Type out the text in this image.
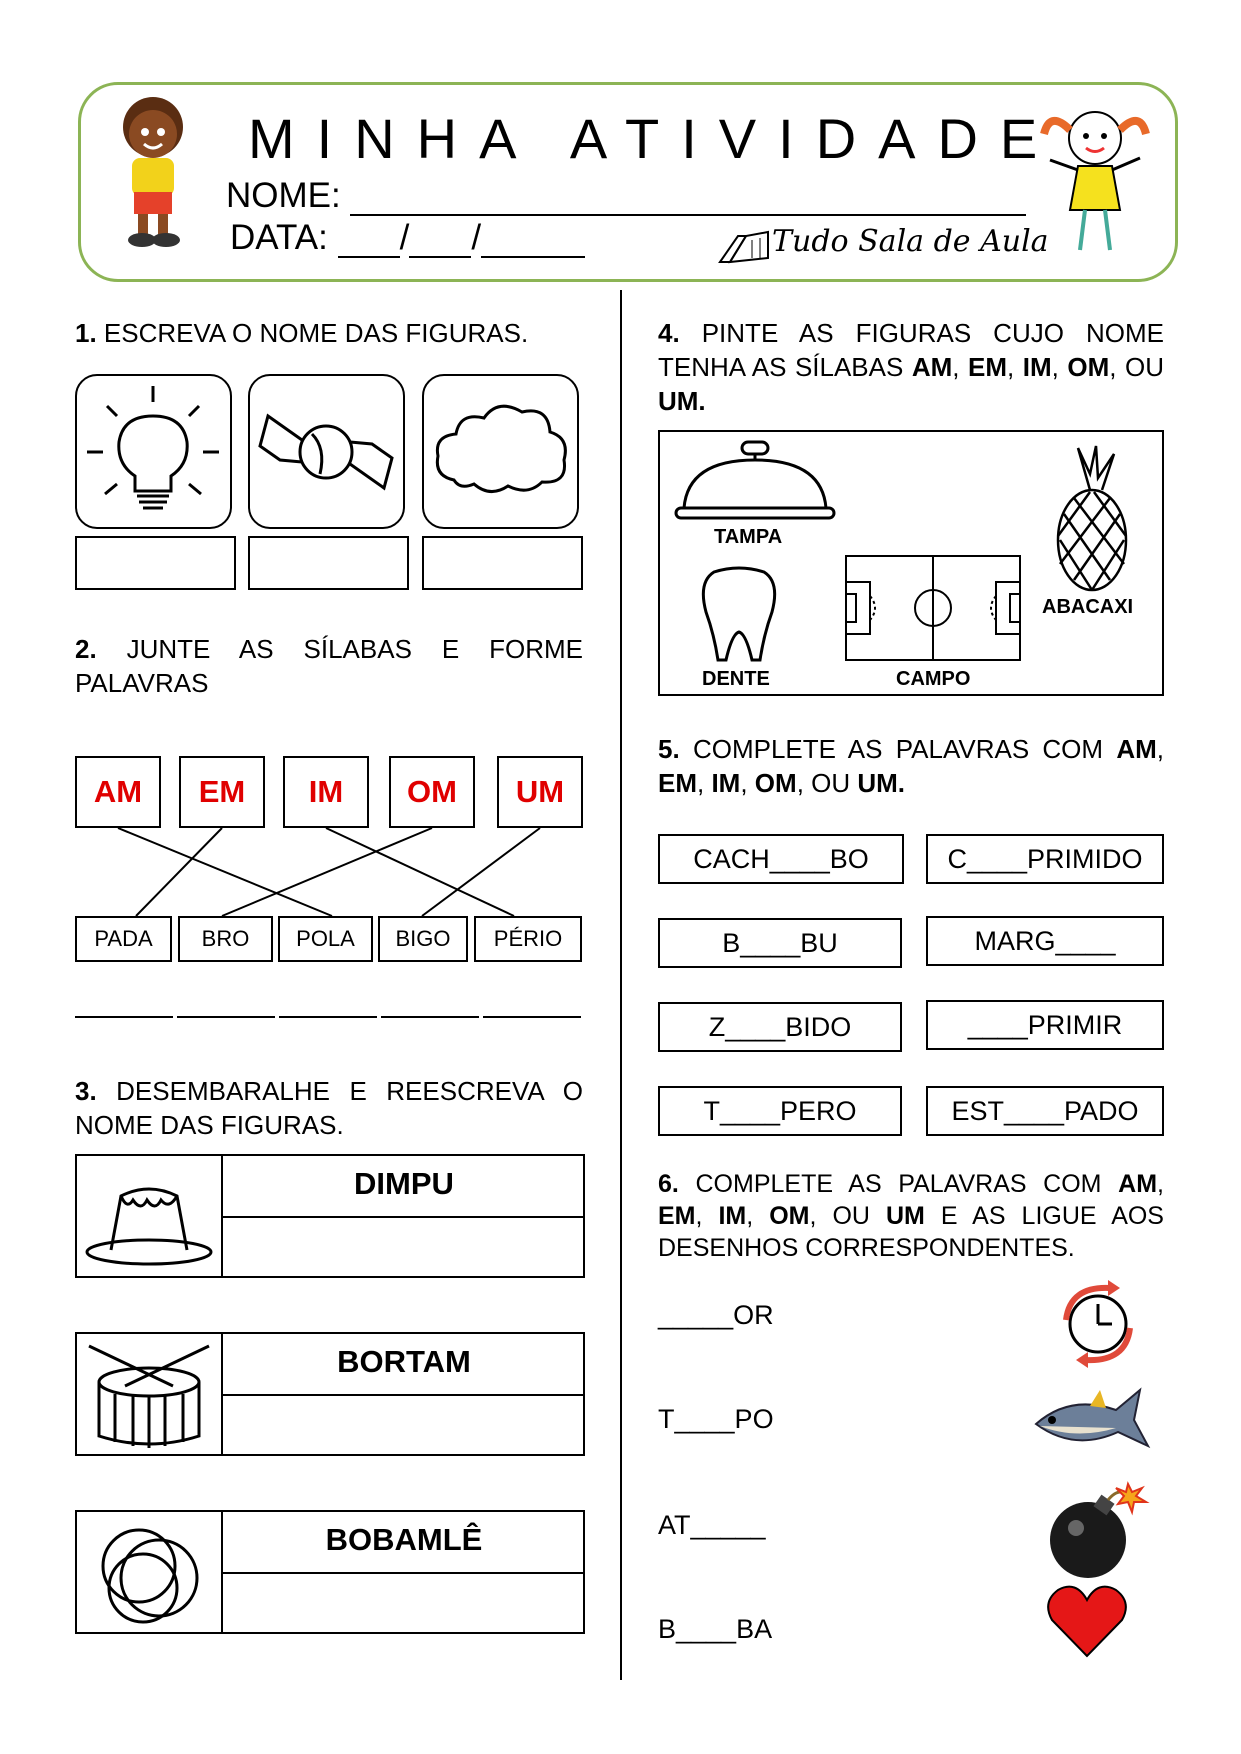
MINHA ATIVIDADE
NOME:
DATA: / /	Tudo Sala de Aula
1. ESCREVA O NOME DAS FIGURAS.
2. JUNTE AS SÍLABAS E FORME PALAVRAS
AM	EM	IM	OM	UM
PADA	BRO	POLA	BIGO	PÉRIO
3. DESEMBARALHE E REESCREVA O NOME DAS FIGURAS.
DIMPU
BORTAM
BOBAMLÊ
4. PINTE AS FIGURAS CUJO NOME TENHA AS SÍLABAS AM, EM, IM, OM, OU UM.
TAMPA
DENTE	CAMPO
ABACAXI
5. COMPLETE AS PALAVRAS COM AM, EM, IM, OM, OU UM.
CACH____BO	C____PRIMIDO
B____BU	MARG____
Z____BIDO	____PRIMIR
T____PERO	EST____PADO
6. COMPLETE AS PALAVRAS COM AM, EM, IM, OM, OU UM E AS LIGUE AOS DESENHOS CORRESPONDENTES.
_____OR
T____PO
AT_____
B____BA
